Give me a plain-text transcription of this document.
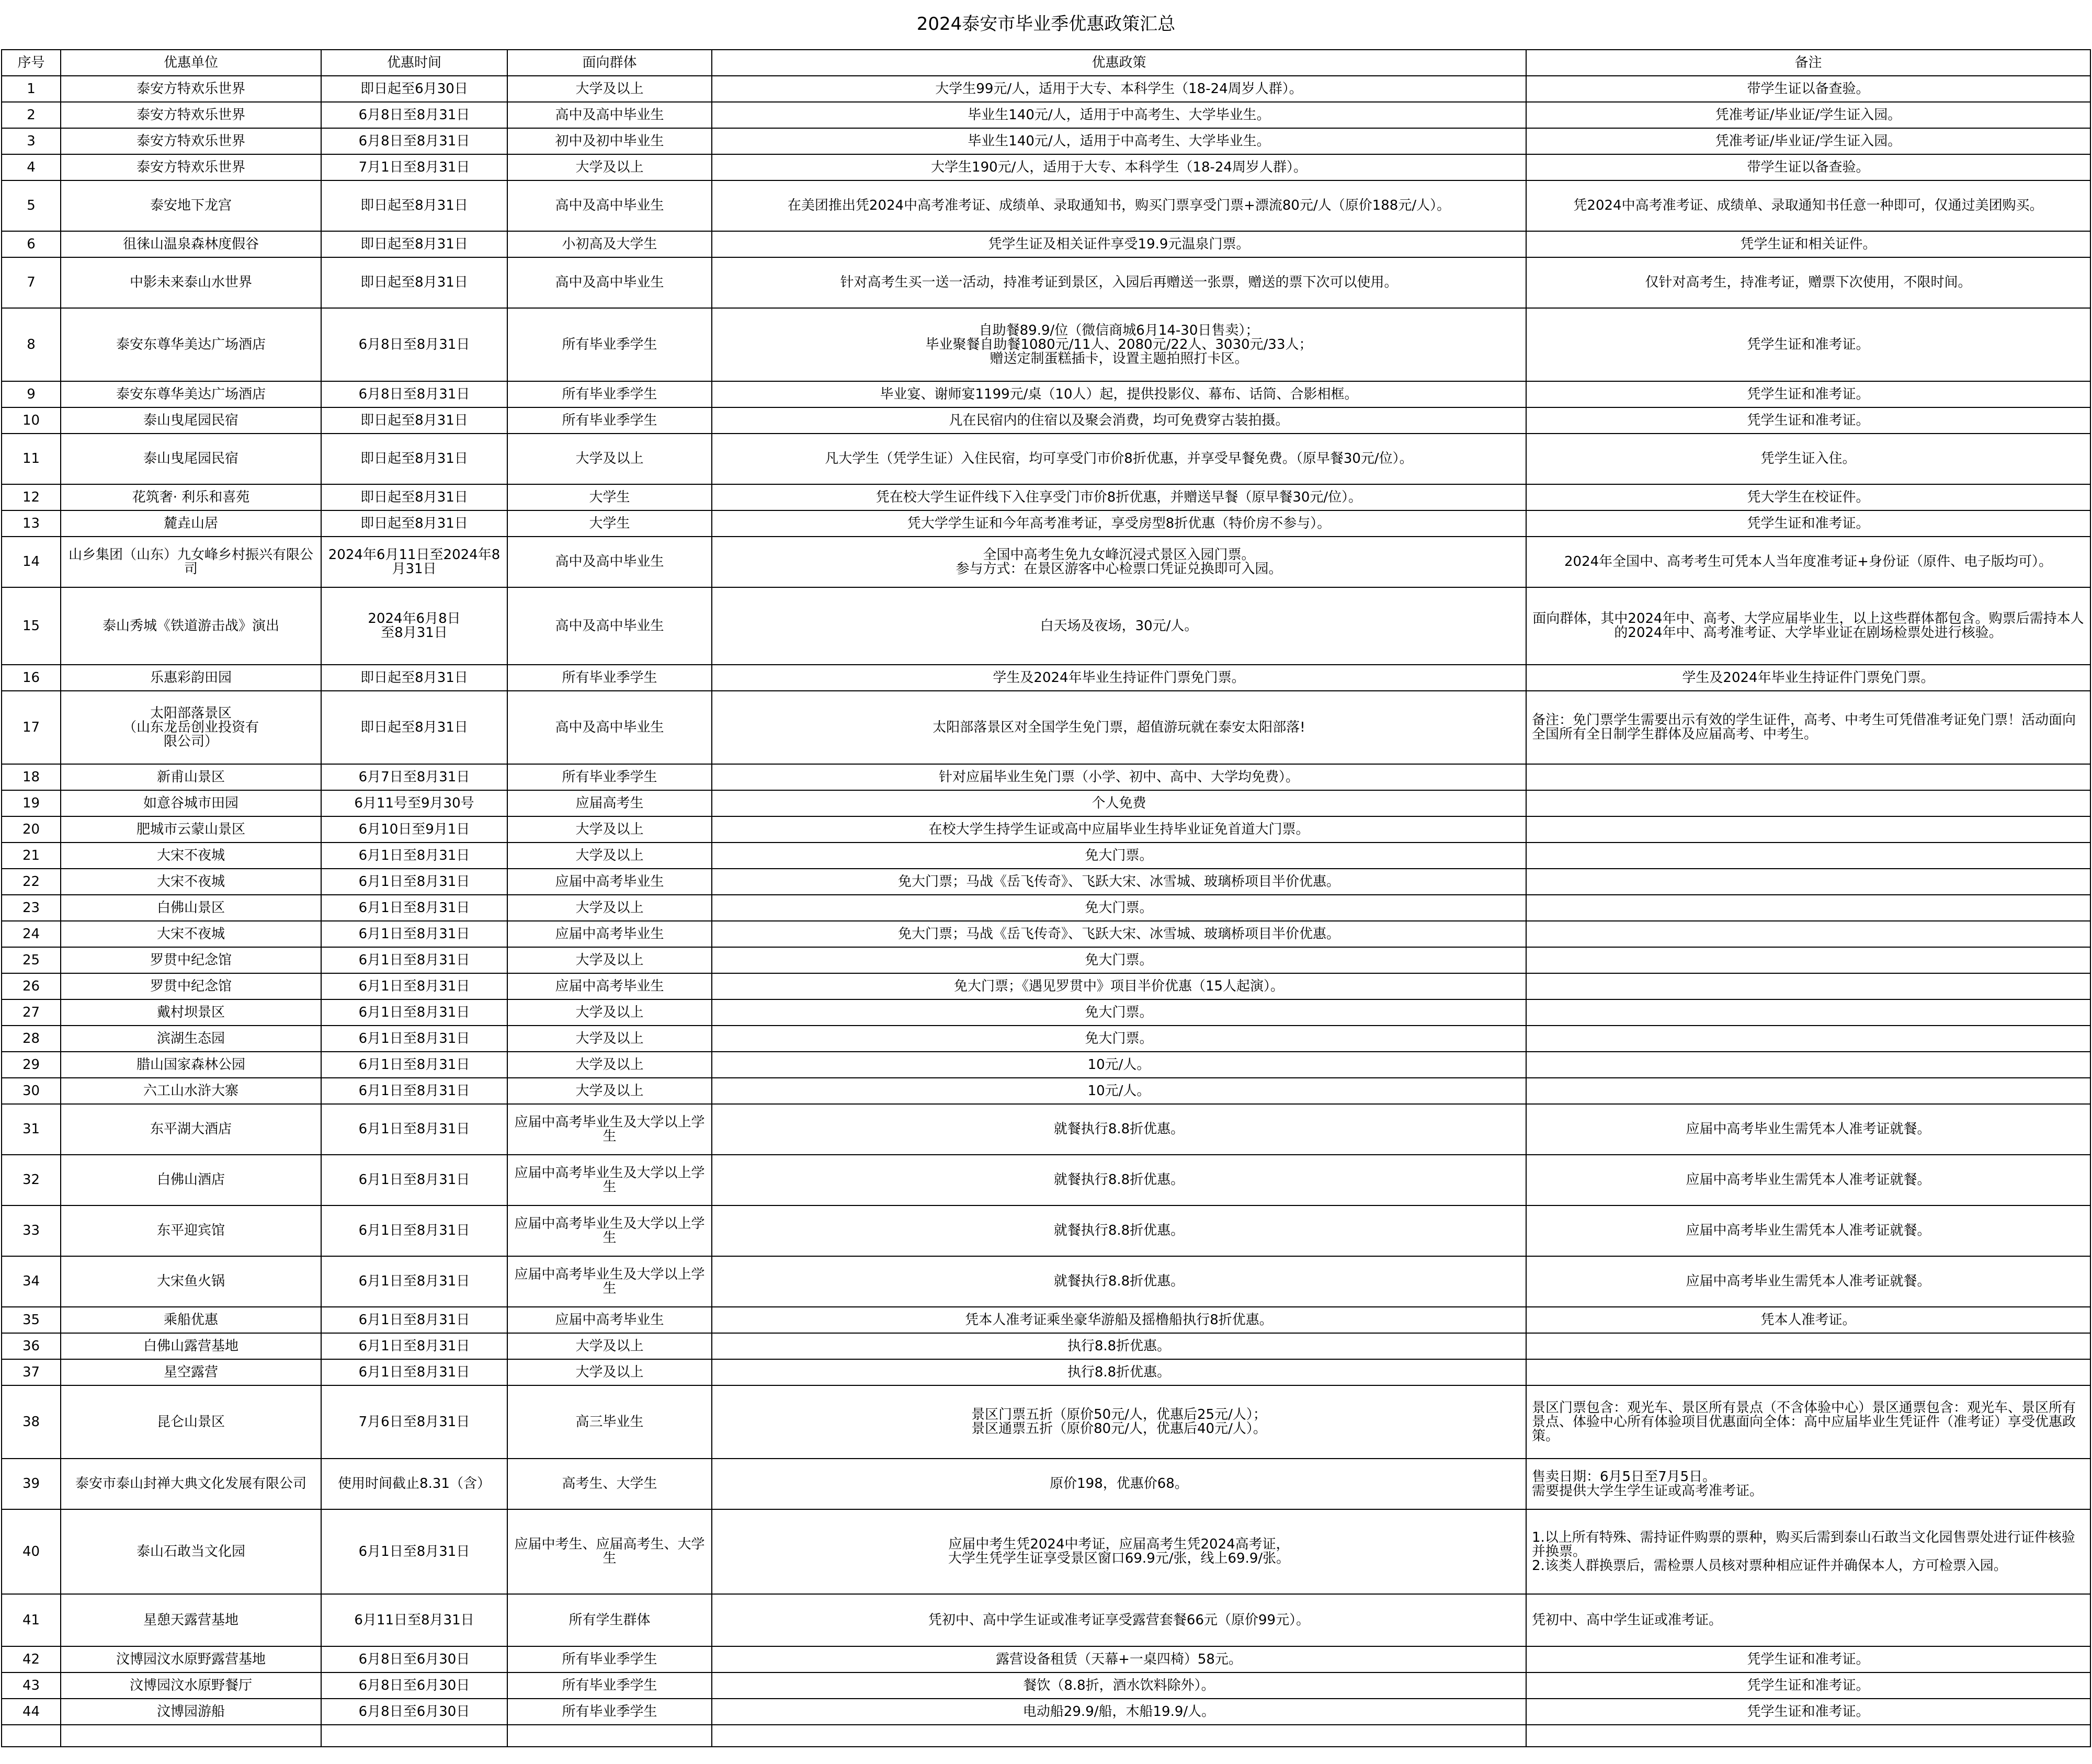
2024泰安市毕业季优惠政策汇总
序号	优惠单位	优惠时间	面向群体	优惠政策	备注
1	泰安方特欢乐世界	即日起至6月30日	大学及以上	大学生99元/人，适用于大专、本科学生（18-24周岁人群）。	带学生证以备查验。
2	泰安方特欢乐世界	6月8日至8月31日	高中及高中毕业生	毕业生140元/人，适用于中高考生、大学毕业生。	凭准考证/毕业证/学生证入园。
3	泰安方特欢乐世界	6月8日至8月31日	初中及初中毕业生	毕业生140元/人，适用于中高考生、大学毕业生。	凭准考证/毕业证/学生证入园。
4	泰安方特欢乐世界	7月1日至8月31日	大学及以上	大学生190元/人，适用于大专、本科学生（18-24周岁人群）。	带学生证以备查验。
5	泰安地下龙宫	即日起至8月31日	高中及高中毕业生	在美团推出凭2024中高考准考证、成绩单、录取通知书，购买门票享受门票+漂流80元/人（原价188元/人）。	凭2024中高考准考证、成绩单、录取通知书任意一种即可，仅通过美团购买。
6	徂徕山温泉森林度假谷	即日起至8月31日	小初高及大学生	凭学生证及相关证件享受19.9元温泉门票。	凭学生证和相关证件。
7	中影未来泰山水世界	即日起至8月31日	高中及高中毕业生	针对高考生买一送一活动，持准考证到景区，入园后再赠送一张票，赠送的票下次可以使用。	仅针对高考生，持准考证，赠票下次使用，不限时间。
8	泰安东尊华美达广场酒店	6月8日至8月31日	所有毕业季学生	自助餐89.9/位（微信商城6月14-30日售卖）；
毕业聚餐自助餐1080元/11人、2080元/22人、3030元/33人；
赠送定制蛋糕插卡，设置主题拍照打卡区。	凭学生证和准考证。
9	泰安东尊华美达广场酒店	6月8日至8月31日	所有毕业季学生	毕业宴、谢师宴1199元/桌（10人）起，提供投影仪、幕布、话筒、合影相框。	凭学生证和准考证。
10	泰山曳尾园民宿	即日起至8月31日	所有毕业季学生	凡在民宿内的住宿以及聚会消费，均可免费穿古装拍摄。	凭学生证和准考证。
11	泰山曳尾园民宿	即日起至8月31日	大学及以上	凡大学生（凭学生证）入住民宿，均可享受门市价8折优惠，并享受早餐免费。（原早餐30元/位）。	凭学生证入住。
12	花筑奢· 利乐和喜苑	即日起至8月31日	大学生	凭在校大学生证件线下入住享受门市价8折优惠，并赠送早餐（原早餐30元/位）。	凭大学生在校证件。
13	麓垚山居	即日起至8月31日	大学生	凭大学学生证和今年高考准考证，享受房型8折优惠（特价房不参与）。	凭学生证和准考证。
14	山乡集团（山东）九女峰乡村振兴有限公司	2024年6月11日至2024年8月31日	高中及高中毕业生	全国中高考生免九女峰沉浸式景区入园门票。
参与方式：在景区游客中心检票口凭证兑换即可入园。	2024年全国中、高考考生可凭本人当年度准考证+身份证（原件、电子版均可）。
15	泰山秀城《铁道游击战》演出	2024年6月8日
至8月31日	高中及高中毕业生	白天场及夜场，30元/人。	面向群体，其中2024年中、高考、大学应届毕业生，以上这些群体都包含。购票后需持本人的2024年中、高考准考证、大学毕业证在剧场检票处进行核验。
16	乐惠彩韵田园	即日起至8月31日	所有毕业季学生	学生及2024年毕业生持证件门票免门票。	学生及2024年毕业生持证件门票免门票。
17	太阳部落景区
（山东龙岳创业投资有
限公司）	即日起至8月31日	高中及高中毕业生	太阳部落景区对全国学生免门票，超值游玩就在泰安太阳部落!	备注：免门票学生需要出示有效的学生证件，高考、中考生可凭借准考证免门票！活动面向全国所有全日制学生群体及应届高考、中考生。
18	新甫山景区	6月7日至8月31日	所有毕业季学生	针对应届毕业生免门票（小学、初中、高中、大学均免费）。	
19	如意谷城市田园	6月11号至9月30号	应届高考生	个人免费	
20	肥城市云蒙山景区	6月10日至9月1日	大学及以上	在校大学生持学生证或高中应届毕业生持毕业证免首道大门票。	
21	大宋不夜城	6月1日至8月31日	大学及以上	免大门票。	
22	大宋不夜城	6月1日至8月31日	应届中高考毕业生	免大门票；马战《岳飞传奇》、飞跃大宋、冰雪城、玻璃桥项目半价优惠。	
23	白佛山景区	6月1日至8月31日	大学及以上	免大门票。	
24	大宋不夜城	6月1日至8月31日	应届中高考毕业生	免大门票；马战《岳飞传奇》、飞跃大宋、冰雪城、玻璃桥项目半价优惠。	
25	罗贯中纪念馆	6月1日至8月31日	大学及以上	免大门票。	
26	罗贯中纪念馆	6月1日至8月31日	应届中高考毕业生	免大门票；《遇见罗贯中》项目半价优惠（15人起演）。	
27	戴村坝景区	6月1日至8月31日	大学及以上	免大门票。	
28	滨湖生态园	6月1日至8月31日	大学及以上	免大门票。	
29	腊山国家森林公园	6月1日至8月31日	大学及以上	10元/人。	
30	六工山水浒大寨	6月1日至8月31日	大学及以上	10元/人。	
31	东平湖大酒店	6月1日至8月31日	应届中高考毕业生及大学以上学生	就餐执行8.8折优惠。	应届中高考毕业生需凭本人准考证就餐。
32	白佛山酒店	6月1日至8月31日	应届中高考毕业生及大学以上学生	就餐执行8.8折优惠。	应届中高考毕业生需凭本人准考证就餐。
33	东平迎宾馆	6月1日至8月31日	应届中高考毕业生及大学以上学生	就餐执行8.8折优惠。	应届中高考毕业生需凭本人准考证就餐。
34	大宋鱼火锅	6月1日至8月31日	应届中高考毕业生及大学以上学生	就餐执行8.8折优惠。	应届中高考毕业生需凭本人准考证就餐。
35	乘船优惠	6月1日至8月31日	应届中高考毕业生	凭本人准考证乘坐豪华游船及摇橹船执行8折优惠。	凭本人准考证。
36	白佛山露营基地	6月1日至8月31日	大学及以上	执行8.8折优惠。	
37	星空露营	6月1日至8月31日	大学及以上	执行8.8折优惠。	
38	昆仑山景区	7月6日至8月31日	高三毕业生	景区门票五折（原价50元/人，优惠后25元/人）；
景区通票五折（原价80元/人，优惠后40元/人）。	景区门票包含：观光车、景区所有景点（不含体验中心）景区通票包含：观光车、景区所有景点、体验中心所有体验项目优惠面向全体：高中应届毕业生凭证件（准考证）享受优惠政策。
39	泰安市泰山封禅大典文化发展有限公司	使用时间截止8.31（含）	高考生、大学生	原价198，优惠价68。	售卖日期：6月5日至7月5日。
需要提供大学生学生证或高考准考证。
40	泰山石敢当文化园	6月1日至8月31日	应届中考生、应届高考生、大学生	应届中考生凭2024中考证，应届高考生凭2024高考证，
大学生凭学生证享受景区窗口69.9元/张，线上69.9/张。	1.以上所有特殊、需持证件购票的票种，购买后需到泰山石敢当文化园售票处进行证件核验并换票。
2.该类人群换票后，需检票人员核对票种相应证件并确保本人，方可检票入园。
41	星憩天露营基地	6月11日至8月31日	所有学生群体	凭初中、高中学生证或准考证享受露营套餐66元（原价99元）。	凭初中、高中学生证或准考证。
42	汶博园汶水原野露营基地	6月8日至6月30日	所有毕业季学生	露营设备租赁（天幕+一桌四椅）58元。	凭学生证和准考证。
43	汶博园汶水原野餐厅	6月8日至6月30日	所有毕业季学生	餐饮（8.8折，酒水饮料除外）。	凭学生证和准考证。
44	汶博园游船	6月8日至6月30日	所有毕业季学生	电动船29.9/船，木船19.9/人。	凭学生证和准考证。
